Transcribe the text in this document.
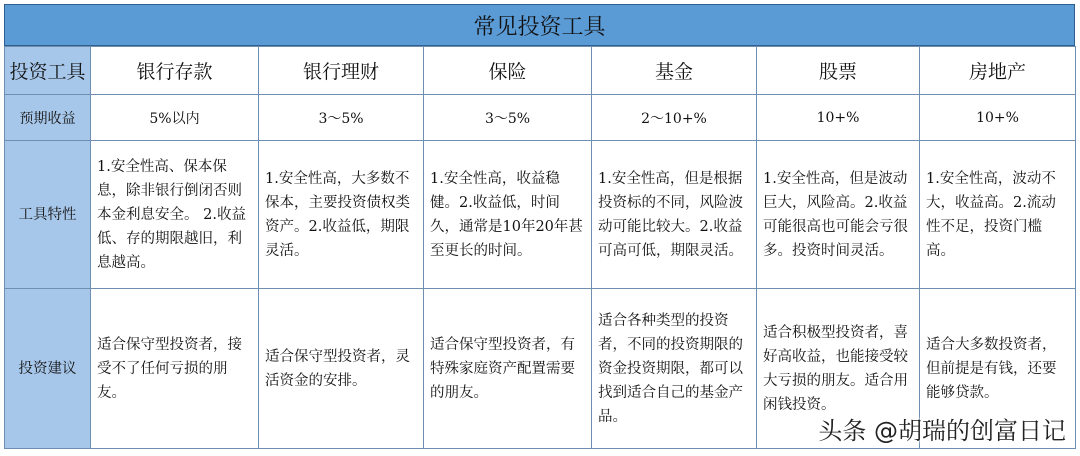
常见投资工具
投资工具	银行存款	银行理财	保险	基金	股票	房地产
预期收益	5%以内	3～5%	3～5%	2～10+%	10+%	10+%
工具特性	1.安全性高、保本保息，除非银行倒闭否则本金利息安全。 2.收益低、存的期限越旧，利息越高。	1.安全性高，大多数不保本，主要投资债权类资产。2.收益低，期限灵活。	1.安全性高，收益稳健。2.收益低，时间久，通常是10年20年甚至更长的时间。	1.安全性高，但是根据投资标的不同，风险波动可能比较大。2.收益可高可低，期限灵活。	1.安全性高，但是波动巨大，风险高。2.收益可能很高也可能会亏很多。投资时间灵活。	1.安全性高，波动不大，收益高。2.流动性不足，投资门槛高。
投资建议	适合保守型投资者，接受不了任何亏损的朋友。	适合保守型投资者，灵活资金的安排。	适合保守型投资者，有特殊家庭资产配置需要的朋友。	适合各种类型的投资者，不同的投资期限的资金投资期限，都可以找到适合自己的基金产品。	适合积极型投资者，喜好高收益，也能接受较大亏损的朋友。适合用闲钱投资。	适合大多数投资者，但前提是有钱，还要能够贷款。
头条 @胡瑞的创富日记
